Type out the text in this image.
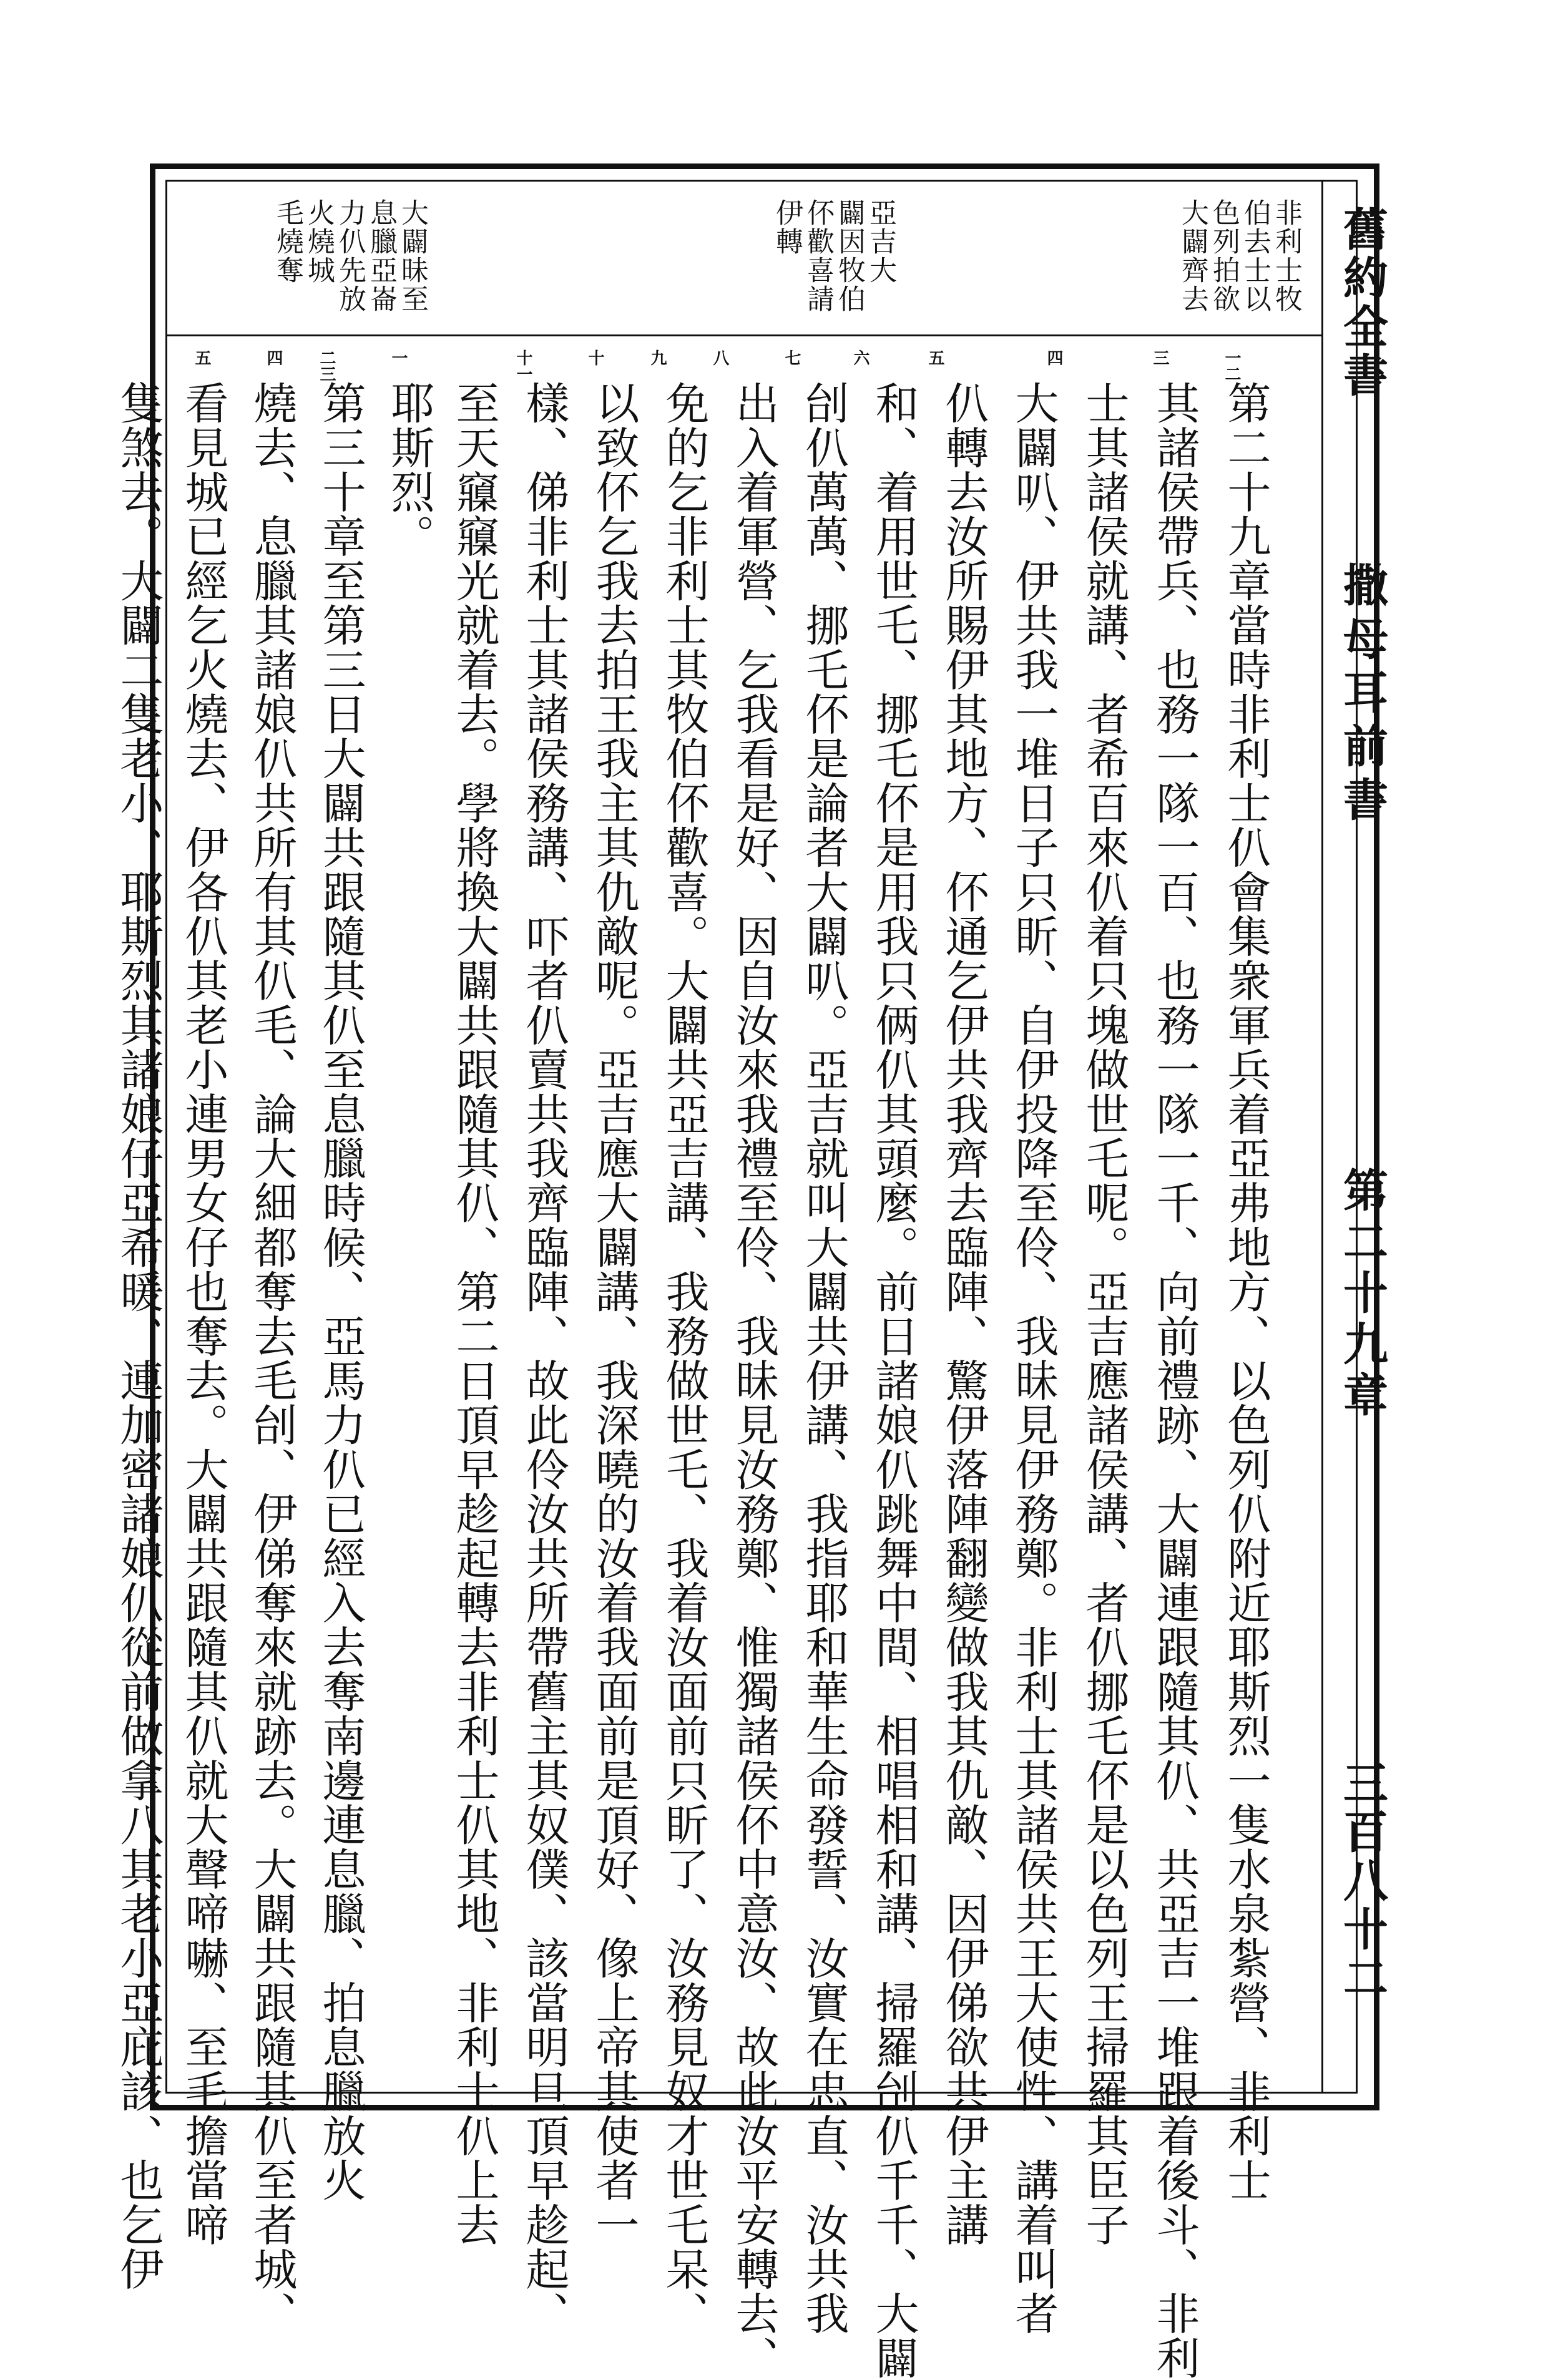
舊約全書
撒母耳前書
第二十九章
三百八十二
非利士牧
伯去士以
色列拍欲
大闢齊去
亞吉大
闢因牧伯
伓歡喜請
伊轉
大闢昧至
息臘亞崙
力仈先放
火燒城
毛燒奪
一二
三
四
五
六
七
八
九
十
十一
一
二三
四
五
第二十九章當時非利士仈會集衆軍兵着亞弗地方、以色列仈附近耶斯烈一隻水泉紮營、非利士
其諸侯帶兵、也務一隊一百、也務一隊一千、向前禮跡、大闢連跟隨其仈、共亞吉一堆跟着後斗、非利
士其諸侯就講、者希百來仈着只塊做世乇呢。亞吉應諸侯講、者仈挪乇伓是以色列王掃羅其臣子
大闢叭、伊共我一堆日子只盺、自伊投降至伶、我昧見伊務鄭。非利士其諸侯共王大使性、講着叫者
仈轉去汝所賜伊其地方、伓通乞伊共我齊去臨陣、驚伊落陣翻變做我其仇敵、因伊俤欲共伊主講
和、着用世乇、挪乇伓是用我只俩仈其頭麼。前日諸娘仈跳舞中間、相唱相和講、掃羅刣仈千千、大闢
刣仈萬萬、挪乇伓是論者大闢叭。亞吉就叫大闢共伊講、我指耶和華生命發誓、汝實在忠直、汝共我
出入着軍營、乞我看是好、因自汝來我禮至伶、我昧見汝務鄭、惟獨諸侯伓中意汝、故此汝平安轉去、
免的乞非利士其牧伯伓歡喜。大闢共亞吉講、我務做世乇、我着汝面前只盺了、汝務見奴才世乇呆、
以致伓乞我去拍王我主其仇敵呢。亞吉應大闢講、我深曉的汝着我面前是頂好、像上帝其使者一
樣、俤非利士其諸侯務講、吓者仈賣共我齊臨陣、故此伶汝共所帶舊主其奴僕、該當明旦頂早趁起、
至天䆿䆿光就着去。學將換大闢共跟隨其仈、第二日頂早趁起轉去非利士仈其地、非利士仈上去
耶斯烈。
第三十章至第三日大闢共跟隨其仈至息臘時候、亞馬力仈已經入去奪南邊連息臘、拍息臘放火
燒去、息臘其諸娘仈共所有其仈毛、論大細都奪去毛刣、伊俤奪來就跡去。大闢共跟隨其仈至者城、
看見城已經乞火燒去、伊各仈其老小連男女仔也奪去。大闢共跟隨其仈就大聲啼嚇、至毛擔當啼
隻煞去。大闢二隻老小、耶斯烈其諸娘仔亞希暖、連加密諸娘仈從前做拿八其老小亞庇該、也乞伊
